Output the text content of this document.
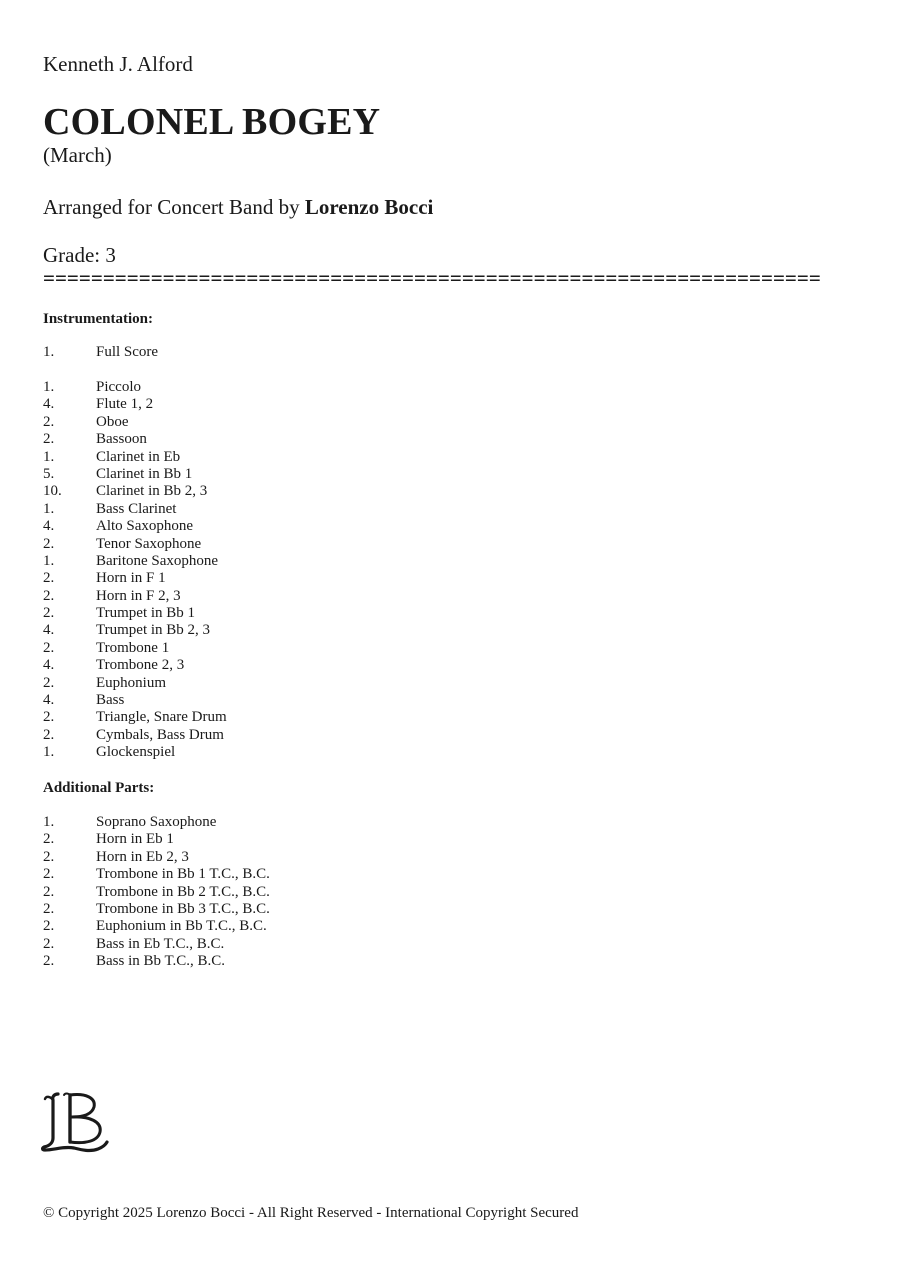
Kenneth J. Alford
COLONEL BOGEY
(March)
Arranged for Concert Band by Lorenzo Bocci
Grade: 3
=================================================================
Instrumentation:
1.	Full Score
1.	Piccolo
4.	Flute 1, 2
2.	Oboe
2.	Bassoon
1.	Clarinet in Eb
5.	Clarinet in Bb 1
10. Clarinet in Bb 2, 3
1.	Bass Clarinet
4.	Alto Saxophone
2.	Tenor Saxophone
1.	Baritone Saxophone
2.	Horn in F 1
2.	Horn in F 2, 3
2.	Trumpet in Bb 1
4.	Trumpet in Bb 2, 3
2.	Trombone 1
4.	Trombone 2, 3
2.	Euphonium
4.	Bass
2.	Triangle, Snare Drum
2.	Cymbals, Bass Drum
1.	Glockenspiel
Additional Parts:
1.	Soprano Saxophone
2.	Horn in Eb 1
2.	Horn in Eb 2, 3
2.	Trombone in Bb 1 T.C., B.C.
2.	Trombone in Bb 2 T.C., B.C.
2.	Trombone in Bb 3 T.C., B.C.
2.	Euphonium in Bb T.C., B.C.
2.	Bass in Eb T.C., B.C.
2.	Bass in Bb T.C., B.C.
© Copyright 2025 Lorenzo Bocci - All Right Reserved - International Copyright Secured
